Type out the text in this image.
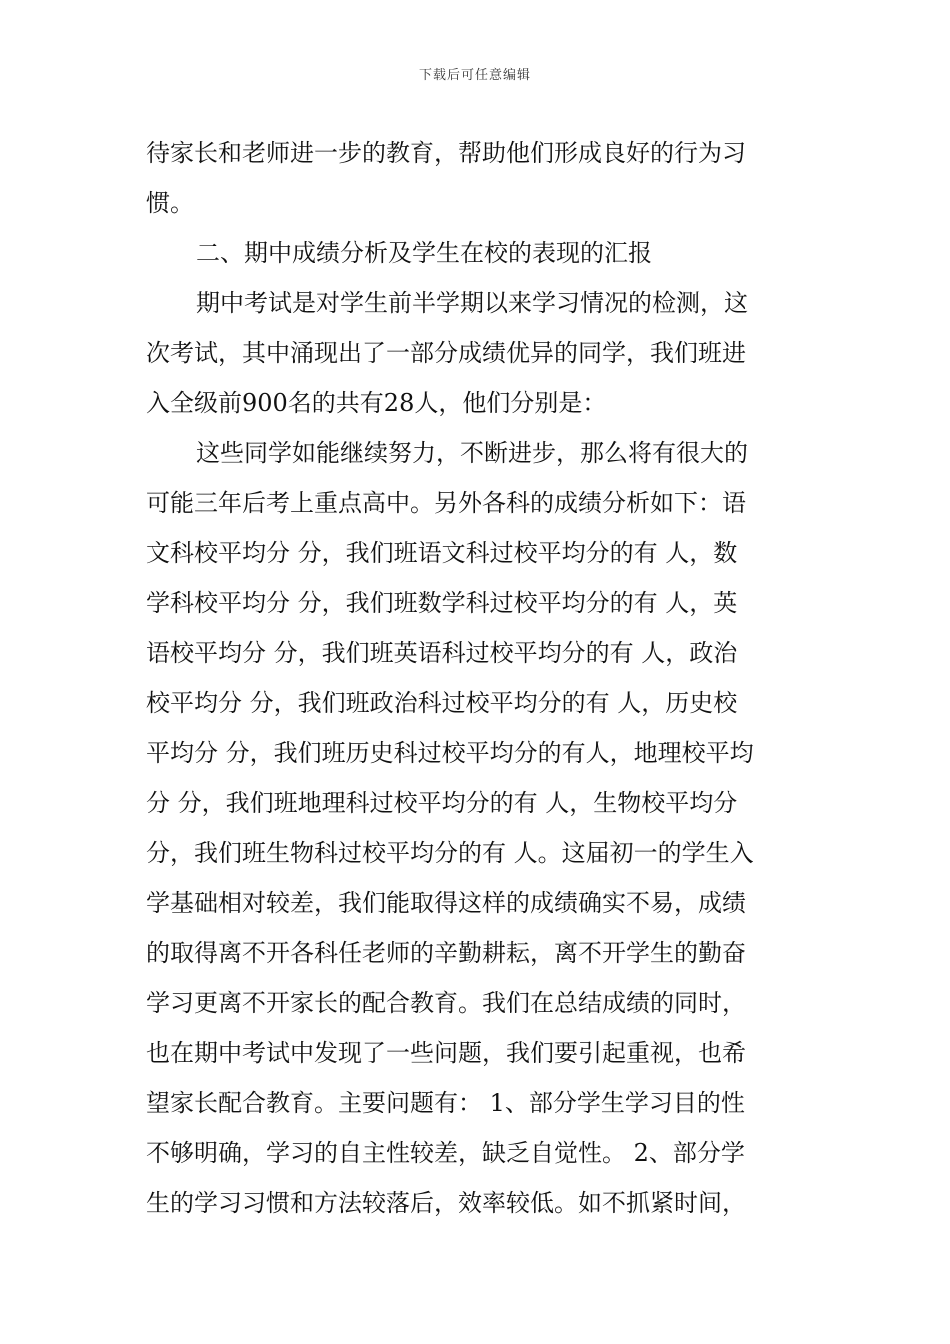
下载后可任意编辑
待家长和老师进一步的教育，帮助他们形成良好的行为习
惯。
二、期中成绩分析及学生在校的表现的汇报
期中考试是对学生前半学期以来学习情况的检测，这
次考试，其中涌现出了一部分成绩优异的同学，我们班进
入全级前900名的共有28人，他们分别是：
这些同学如能继续努力，不断进步，那么将有很大的
可能三年后考上重点高中。另外各科的成绩分析如下：语
文科校平均分 分，我们班语文科过校平均分的有 人，数
学科校平均分 分，我们班数学科过校平均分的有 人，英
语校平均分 分，我们班英语科过校平均分的有 人，政治
校平均分 分，我们班政治科过校平均分的有 人，历史校
平均分 分，我们班历史科过校平均分的有人，地理校平均
分 分，我们班地理科过校平均分的有 人，生物校平均分
分，我们班生物科过校平均分的有 人。这届初一的学生入
学基础相对较差，我们能取得这样的成绩确实不易，成绩
的取得离不开各科任老师的辛勤耕耘，离不开学生的勤奋
学习更离不开家长的配合教育。我们在总结成绩的同时，
也在期中考试中发现了一些问题，我们要引起重视，也希
望家长配合教育。主要问题有： 1、部分学生学习目的性
不够明确，学习的自主性较差，缺乏自觉性。 2、部分学
生的学习习惯和方法较落后，效率较低。如不抓紧时间，
